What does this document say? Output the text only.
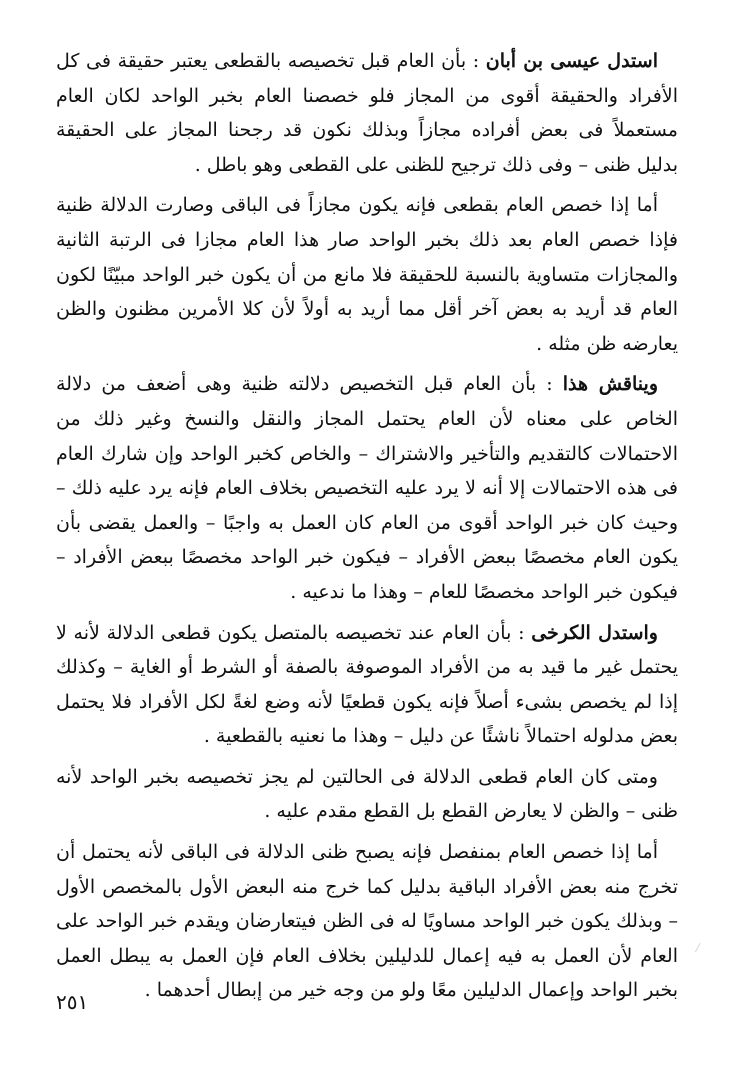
استدل عيسى بن أبان : بأن العام قبل تخصيصه بالقطعى يعتبر حقيقة فى كل الأفراد والحقيقة أقوى من المجاز فلو خصصنا العام بخبر الواحد لكان العام مستعملاً فى بعض أفراده مجازاً وبذلك نكون قد رجحنا المجاز على الحقيقة بدليل ظنى – وفى ذلك ترجيح للظنى على القطعى وهو باطل .

أما إذا خصص العام بقطعى فإنه يكون مجازاً فى الباقى وصارت الدلالة ظنية فإذا خصص العام بعد ذلك بخبر الواحد صار هذا العام مجازا فى الرتبة الثانية والمجازات متساوية بالنسبة للحقيقة فلا مانع من أن يكون خبر الواحد مبيّنًا لكون العام قد أريد به بعض آخر أقل مما أريد به أولاً لأن كلا الأمرين مظنون والظن يعارضه ظن مثله .

ويناقش هذا : بأن العام قبل التخصيص دلالته ظنية وهى أضعف من دلالة الخاص على معناه لأن العام يحتمل المجاز والنقل والنسخ وغير ذلك من الاحتمالات كالتقديم والتأخير والاشتراك – والخاص كخبر الواحد وإن شارك العام فى هذه الاحتمالات إلا أنه لا يرد عليه التخصيص بخلاف العام فإنه يرد عليه ذلك – وحيث كان خبر الواحد أقوى من العام كان العمل به واجبًا – والعمل يقضى بأن يكون العام مخصصًا ببعض الأفراد – فيكون خبر الواحد مخصصًا ببعض الأفراد – فيكون خبر الواحد مخصصًا للعام – وهذا ما ندعيه .

واستدل الكرخى : بأن العام عند تخصيصه بالمتصل يكون قطعى الدلالة لأنه لا يحتمل غير ما قيد به من الأفراد الموصوفة بالصفة أو الشرط أو الغاية – وكذلك إذا لم يخصص بشىء أصلاً فإنه يكون قطعيًا لأنه وضع لغةً لكل الأفراد فلا يحتمل بعض مدلوله احتمالاً ناشئًا عن دليل – وهذا ما نعنيه بالقطعية .

ومتى كان العام قطعى الدلالة فى الحالتين لم يجز تخصيصه بخبر الواحد لأنه ظنى – والظن لا يعارض القطع بل القطع مقدم عليه .

أما إذا خصص العام بمنفصل فإنه يصبح ظنى الدلالة فى الباقى لأنه يحتمل أن تخرج منه بعض الأفراد الباقية بدليل كما خرج منه البعض الأول بالمخصص الأول – وبذلك يكون خبر الواحد مساويًا له فى الظن فيتعارضان ويقدم خبر الواحد على العام لأن العمل به فيه إعمال للدليلين بخلاف العام فإن العمل به يبطل العمل بخبر الواحد وإعمال الدليلين معًا ولو من وجه خير من إبطال أحدهما .

٢٥١
